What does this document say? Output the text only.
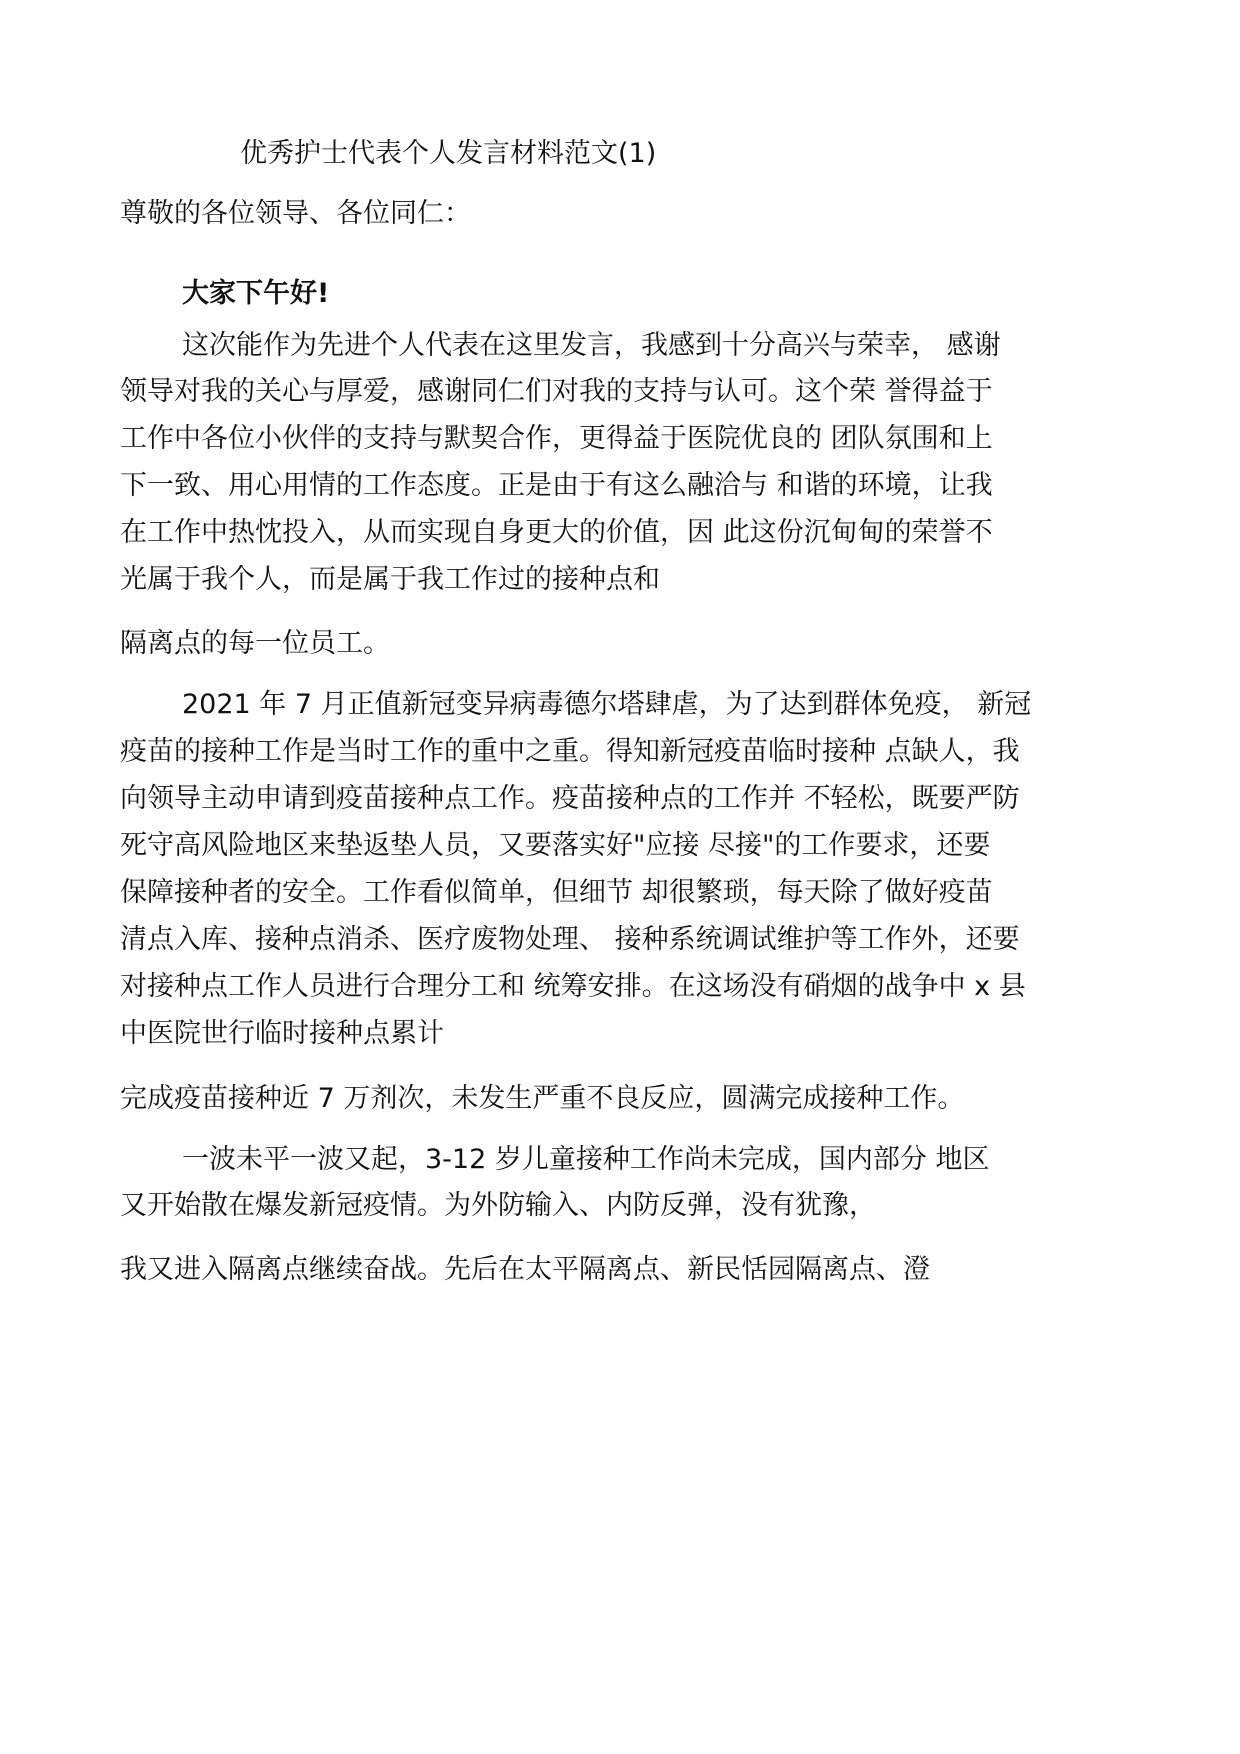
优秀护士代表个人发言材料范文(1)

尊敬的各位领导、各位同仁：

大家下午好!

这次能作为先进个人代表在这里发言，我感到十分高兴与荣幸， 感谢

领导对我的关心与厚爱，感谢同仁们对我的支持与认可。这个荣 誉得益于

工作中各位小伙伴的支持与默契合作，更得益于医院优良的 团队氛围和上

下一致、用心用情的工作态度。正是由于有这么融洽与 和谐的环境，让我

在工作中热忱投入，从而实现自身更大的价值，因 此这份沉甸甸的荣誉不

光属于我个人，而是属于我工作过的接种点和

隔离点的每一位员工。

2021 年 7 月正值新冠变异病毒德尔塔肆虐，为了达到群体免疫， 新冠

疫苗的接种工作是当时工作的重中之重。得知新冠疫苗临时接种 点缺人，我

向领导主动申请到疫苗接种点工作。疫苗接种点的工作并 不轻松，既要严防

死守高风险地区来垫返垫人员，又要落实好"应接 尽接"的工作要求，还要

保障接种者的安全。工作看似简单，但细节 却很繁琐，每天除了做好疫苗

清点入库、接种点消杀、医疗废物处理、 接种系统调试维护等工作外，还要

对接种点工作人员进行合理分工和 统筹安排。在这场没有硝烟的战争中 x 县

中医院世行临时接种点累计

完成疫苗接种近 7 万剂次，未发生严重不良反应，圆满完成接种工作。

一波未平一波又起，3-12 岁儿童接种工作尚未完成，国内部分 地区

又开始散在爆发新冠疫情。为外防输入、内防反弹，没有犹豫，

我又进入隔离点继续奋战。先后在太平隔离点、新民恬园隔离点、澄
